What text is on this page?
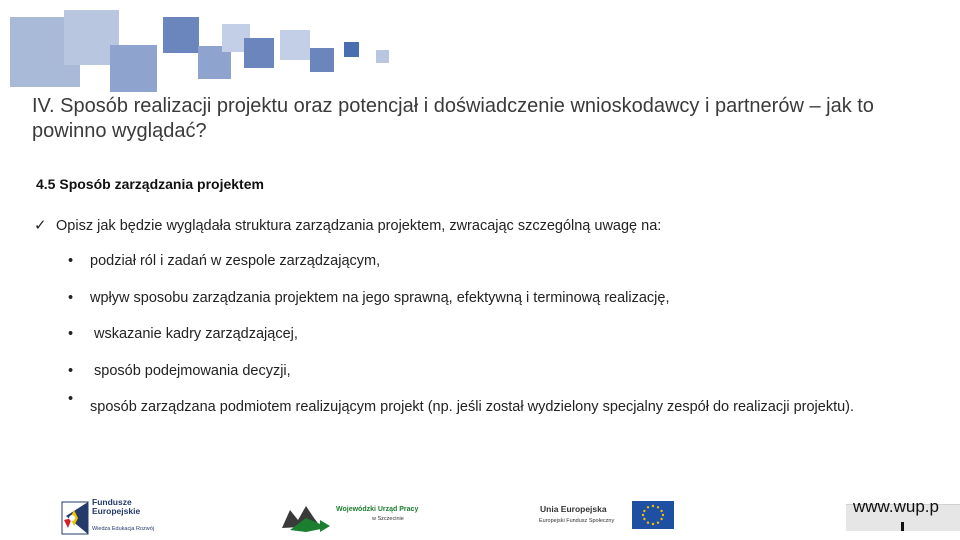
IV. Sposób realizacji projektu oraz potencjał i doświadczenie wnioskodawcy i partnerów – jak to powinno wyglądać?
4.5 Sposób zarządzania projektem
✓ Opisz jak będzie wyglądała struktura zarządzania projektem, zwracając szczególną uwagę na:
• podział ról i zadań w zespole zarządzającym,
• wpływ sposobu zarządzania projektem na jego sprawną, efektywną i terminową realizację,
• wskazanie kadry zarządzającej,
• sposób podejmowania decyzji,
• sposób zarządzana podmiotem realizującym projekt (np. jeśli został wydzielony specjalny zespół do realizacji projektu).
Fundusze Europejskie
Wiedza Edukacja Rozwój
Wojewódzki Urząd Pracy
w Szczecinie
Unia Europejska
Europejski Fundusz Społeczny
www.wup.p
